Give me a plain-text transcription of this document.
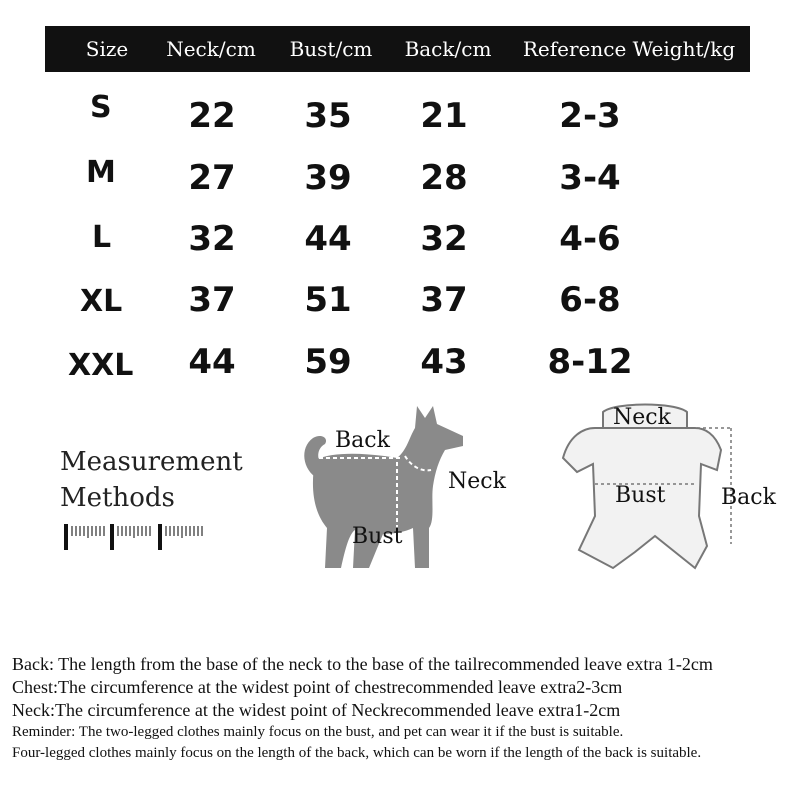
Size	Neck/cm	Bust/cm	Back/cm	Reference Weight/kg
S	22	35	21	2-3
M	27	39	28	3-4
L	32	44	32	4-6
XL	37	51	37	6-8
XXL	44	59	43	8-12
Measurement
Methods
Back
Neck
Bust
Neck
Bust	Back
Back: The length from the base of the neck to the base of the tailrecommended leave extra 1-2cm
Chest:The circumference at the widest point of chestrecommended leave extra2-3cm
Neck:The circumference at the widest point of Neckrecommended leave extra1-2cm
Reminder: The two-legged clothes mainly focus on the bust, and pet can wear it if the bust is suitable.
Four-legged clothes mainly focus on the length of the back, which can be worn if the length of the back is suitable.
